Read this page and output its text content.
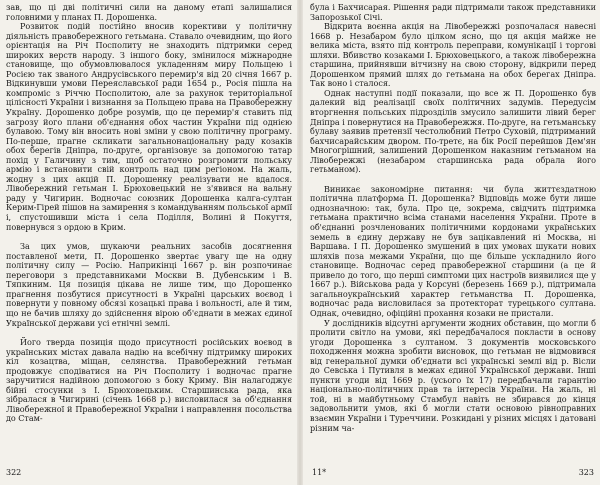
зав, що ці дві політичні сили на даному етапі залишалися головними у планах П. Дорошенка.

Розвиток подій постійно вносив корективи у політичну діяльність правобережного гетьмана. Ставало очевидним, що його орієнтація на Річ Посполиту не знаходить підтримки серед широких верств народу. З іншого боку, змінилося міжнародне становище, що обумовлювалося укладенням миру Польщею і Росією так званого Андрусівського перемир'я від 20 січня 1667 р. Відкинувши умови Переяславської ради 1654 р., Росія пішла на компроміс з Річчю Посполитою, але за рахунок територіальної цілісності України і визнання за Польщею права на Правобережну Україну. Дорошенко добре розумів, що це перемир'я ставить під загрозу його плани об'єднання обох частин України під однією булавою. Тому він вносить нові зміни у свою політичну програму. По-перше, прагне скликати загальнонаціональну раду козаків обох берегів Дніпра, по-друге, організовує за допомогою татар похід у Галичину з тим, щоб остаточно розгромити польську армію і встановити свій контроль над цим регіоном. На жаль, жодну з цих акцій П. Дорошенку реалізувати не вдалося. Лівобережний гетьман І. Брюховецький не з'явився на вальну раду у Чигирин. Водночас союзник Дорошенка калга-султан Керим-Гірей пішов на замирення з командуванням польської армії і, спустошивши міста і села Поділля, Волині й Покуття, повернувся з ордою в Крим.

За цих умов, шукаючи реальних засобів досягнення поставленої мети, П. Дорошенко звертає увагу ще на одну політичну силу — Росію. Наприкінці 1667 р. він розпочинає переговори з представниками Москви В. Дубенським і В. Тяпкиним. Ця позиція цікава не лише тим, що Дорошенко прагнення позбутися присутності в Україні царських воєвод і повернути у повному обсязі козацькі права і вольності, але й тим, що не бачив шляху до здійснення вірою об'єднати в межах єдиної Української держави усі етнічні землі.

Його тверда позиція щодо присутності російських воєвод в українських містах давала надію на всебічну підтримку широких кіл козацтва, міщан, селянства. Правобережний гетьман продовжує сподіватися на Річ Посполиту і водночас прагне заручитися надійною допомогою з боку Криму. Він налагоджує бійні стосунки з І. Брюховецьким. Старшинська рада, яка зібралася в Чигирині (січень 1668 р.) висловилася за об'єднання Лівобережної й Правобережної України і направлення посольства до Стам-

322

була і Бахчисарая. Рішення ради підтримали також представники Запорозької Січі.

Відкрита воєнна акція на Лівобережжі розпочалася навесні 1668 р. Незабаром було цілком ясно, що ця акція майже не велика міста, взято під контроль переправи, комунікації і торгові шляхи. Вбивство козаками І. Брюховецького, а також лівобережна старшина, прийнявши вітчизну на свою сторону, відкрили перед Дорошенком прямий шлях до гетьмана на обох берегах Дніпра. Так воно і сталося.

Однак наступні події показали, що все ж П. Дорошенко був далекий від реалізації своїх політичних задумів. Передусім вторгнення польських підрозділів змусило залишити лівий берег Дніпра і повернутися на Правобережжя. По-друге, на гетьманську булаву заявив претензії честолюбний Петро Суховій, підтриманий бахчисарайським двором. По-третє, на бік Росії перейшов Дем'ян Многогрішний, залишений Дорошенком наказним гетьманом на Лівобережжі (незабаром старшинська рада обрала його гетьманом).

Виникає закономірне питання: чи була життєздатною політична платформа П. Дорошенка? Відповідь може бути лише однозначною: так, була. Про це, зокрема, свідчить підтримка гетьмана практично всіма станами населення України. Проте в об'єднанні розчленованих політичними кордонами українських земель в єдину державу не був зацікавлений ні Москва, ні Варшава. І П. Дорошенко змушений в цих умовах шукати нових шляхів поза межами України, що ще більше ускладнило його становище. Водночас серед правобережної старшини (а це й привело до того, що перші симптоми цих настроїв виявилися ще у 1667 р.). Військова рада у Корсуні (березень 1669 р.), підтримала загальноукраїнський характер гетьманства П. Дорошенка, водночас рада висловилася за протекторат турецького султана. Однак, очевидно, офіційні прохання козаки не пристали.

У дослідників відсутні аргументи жодних обставин, що могли б пролити світло на умови, які передбачалося покласти в основу угоди Дорошенка з султаном. З документів московського походження можна зробити висновок, що гетьман не відмовився від генеральної думки об'єднати всі українські землі від р. Вісли до Севська і Путивля в межах єдиної Української держави. Інші пункти угоди від 1669 р. (усього їх 17) передбачали гарантію національно-політичних прав та інтересів України. На жаль, ні той, ні в майбутньому Стамбул навіть не збирався до кінця задовольнити умов, які б могли стати основою рівноправних взаємин України і Туреччини. Розкидані у різних місцях і датовані різним ча-

11*	323
